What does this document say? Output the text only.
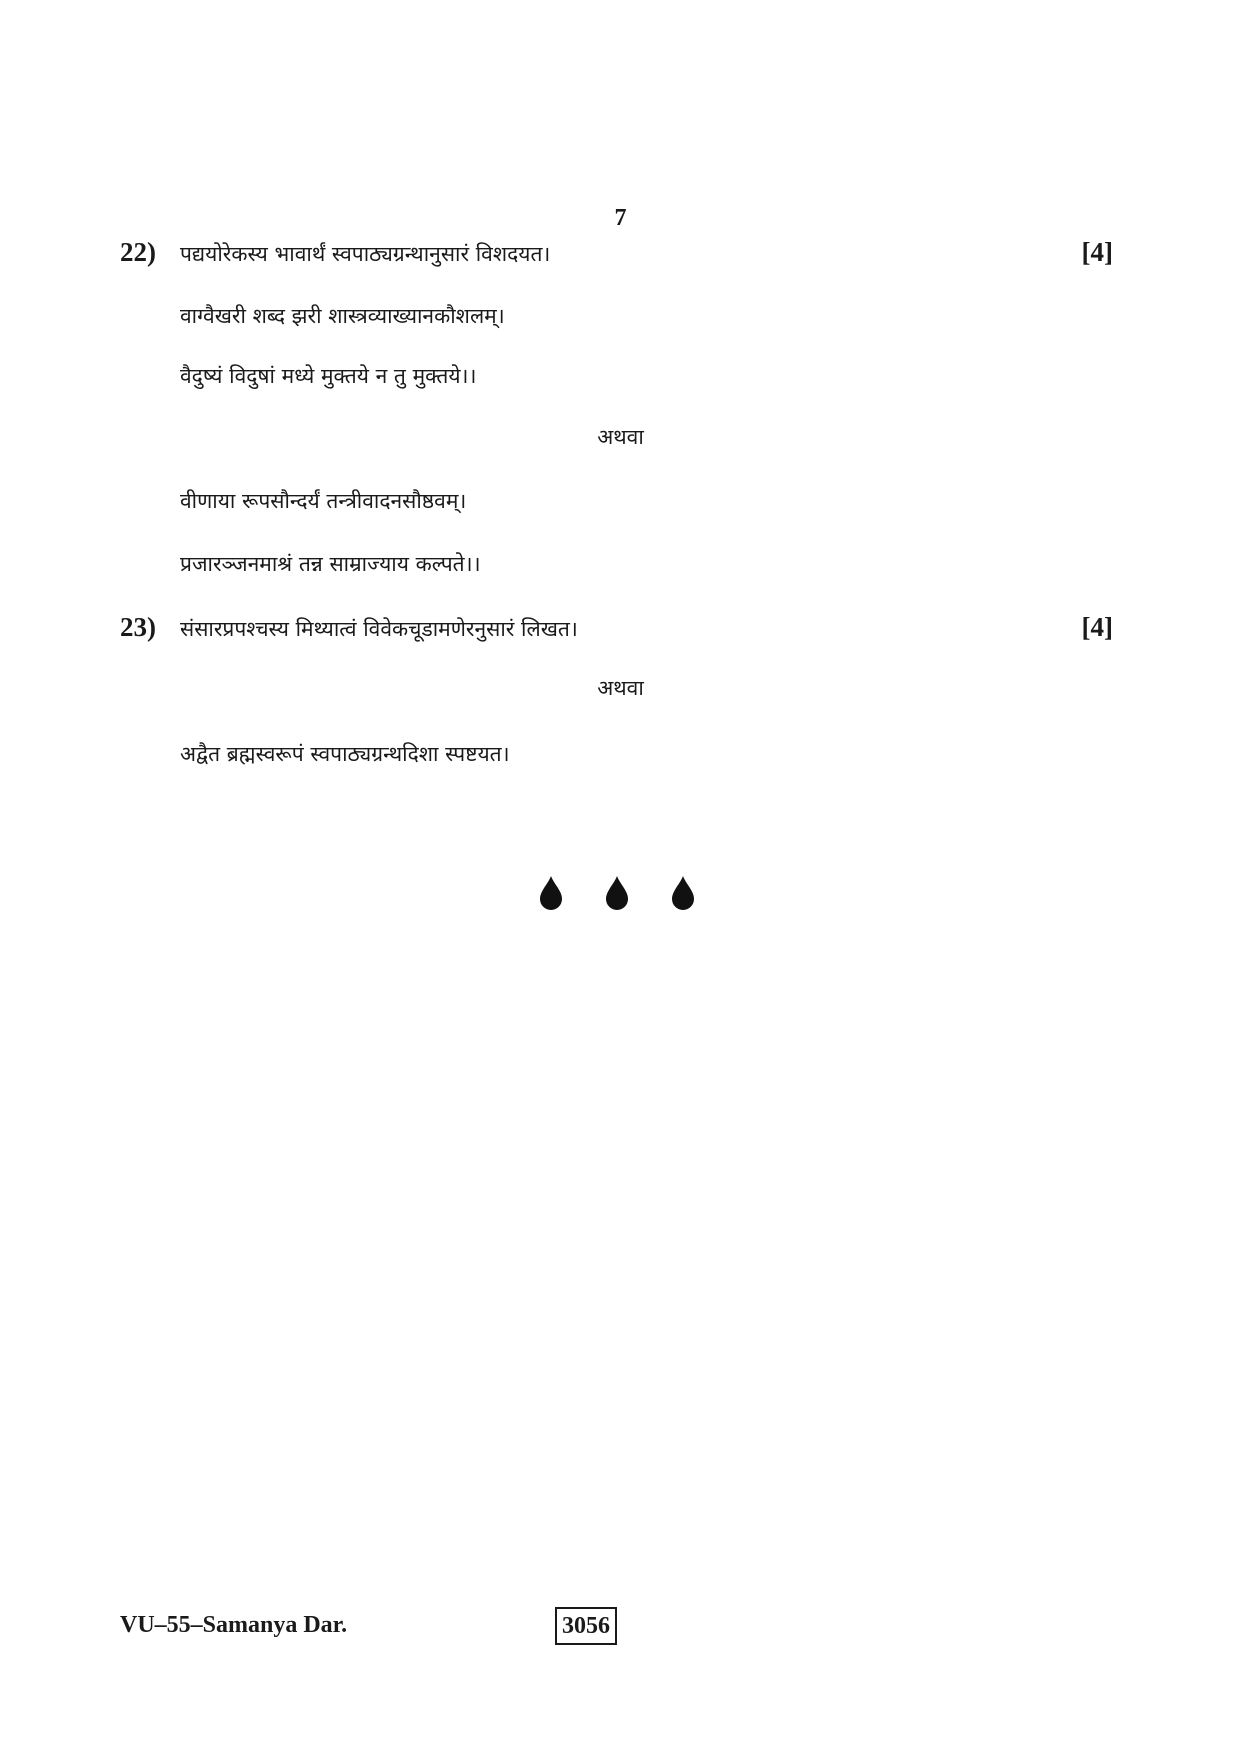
7
22) पद्ययोरेकस्य भावार्थं स्वपाठ्यग्रन्थानुसारं विशदयत।	[4]
वाग्वैखरी शब्द झरी शास्त्रव्याख्यानकौशलम्।
वैदुष्यं विदुषां मध्ये मुक्तये न तु मुक्तये।।
अथवा
वीणाया रूपसौन्दर्यं तन्त्रीवादनसौष्ठवम्।
प्रजारञ्जनमाश्रं तन्न साम्राज्याय कल्पते।।
23) संसारप्रपश्चस्य मिथ्यात्वं विवेकचूडामणेरनुसारं लिखत।	[4]
अथवा
अद्वैत ब्रह्मस्वरूपं स्वपाठ्यग्रन्थदिशा स्पष्टयत।
VU–55–Samanya Dar.	3056
